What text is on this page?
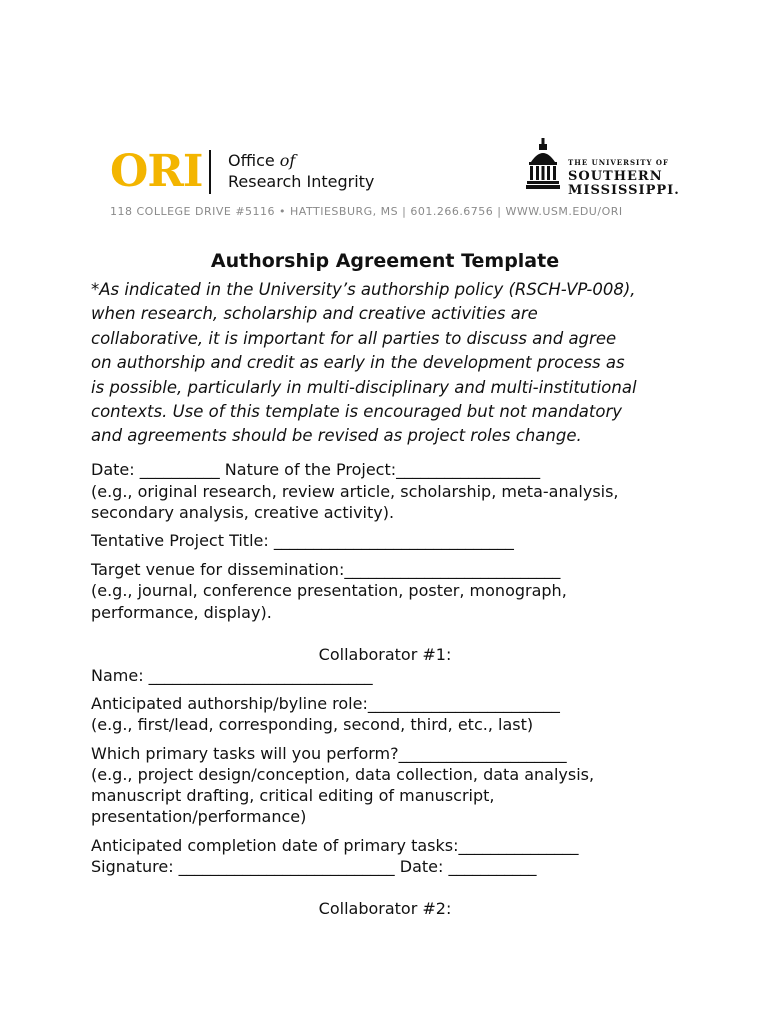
ORI Office of
Research Integrity
THE UNIVERSITY OF
SOUTHERN
MISSISSIPPI.
118 COLLEGE DRIVE #5116 • HATTIESBURG, MS | 601.266.6756 | WWW.USM.EDU/ORI
Authorship Agreement Template

*As indicated in the University’s authorship policy (RSCH-VP-008),

when research, scholarship and creative activities are

collaborative, it is important for all parties to discuss and agree

on authorship and credit as early in the development process as

is possible, particularly in multi-disciplinary and multi-institutional

contexts. Use of this template is encouraged but not mandatory

and agreements should be revised as project roles change.

Date: __________ Nature of the Project:__________________
(e.g., original research, review article, scholarship, meta-analysis,
secondary analysis, creative activity).
Tentative Project Title: ______________________________
Target venue for dissemination:___________________________
(e.g., journal, conference presentation, poster, monograph,
performance, display).
Collaborator #1:
Name: ____________________________
Anticipated authorship/byline role:________________________
(e.g., first/lead, corresponding, second, third, etc., last)
Which primary tasks will you perform?_____________________
(e.g., project design/conception, data collection, data analysis,
manuscript drafting, critical editing of manuscript,
presentation/performance)
Anticipated completion date of primary tasks:_______________
Signature: ___________________________ Date: ___________
Collaborator #2:
